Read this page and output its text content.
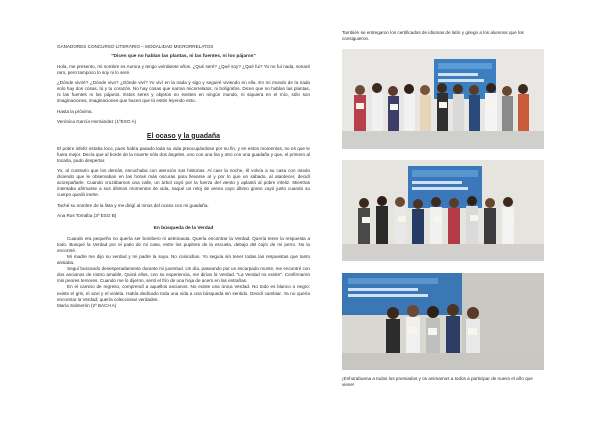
GANADORES CONCURSO LITERARIO – MODALIDAD MICRORRELATOS

"Dicen que no hablan las plantas, ni las fuentes, ni los pájaros"

Hola, me presento, mi nombre es Aurora y tengo veintisiete años. ¿Qué seré? ¿Qué soy? ¿Qué fui? Yo no fui nada, sonaré raro, pero tampoco lo soy ni lo seré.

¿Dónde viviré? ¿Dónde vivo? ¿Dónde viví? Yo viví en la nada y sigo y seguiré viviendo en ella. En mi mundo de la nada solo hay dos cosas, tú y tu corazón. No hay cosas que narran micorrelatos, ni bolígrafos. Dicen que no hablan las plantas, ni las fuentes ni los pájaros. Estos seres y objetos no existen en ningún mundo, ni siquiera en el mío, sólo son imaginaciones, imaginaciones que hacen que tú estés leyendo esto.

Hasta la próxima.

Verónica García Hernández (1ºESO A)

El ocaso y la guadaña

El pobre infeliz estaba loco, pues había pasado toda su vida preocupándose por su fin, y en estos momentos, no es que le fuera mejor. Decía que al borde de la muerte sólo dos ángeles, uno con una lira y otro con una guadaña y que, el primero al tocarla, pudo despertar.

Yo, al contrario que los demás, escuchaba con atención sus historias. Al caer la noche, él volvía a su casa con miedo diciendo que le observaban en las horas más oscuras para llevarse al y por lo que un sábado, al atardecer, decidí acompañarle. Cuando cruzábamos una calle, un árbol cayó por la fuerza del viento y aplastó al pobre infeliz. Mientras intentaba afirmarse a sus últimos momentos de vida, saqué un reloj de arena cayo último grano cayó justo cuando su cuerpo quedó inerte.

Taché su nombre de la lista y me dirigí al ninos del ocaso con mi guadaña.

Ana Ros Torralba (3º ESO B)

En búsqueda de la Verdad

Cuando era pequeño no quería ser bombero ni astronauta. Quería encontrar la Verdad. Quería tener la respuesta a todo. Busqué la Verdad por el patio de mi casa, entre los pupitres de la escuela, debajo del cojín de mi perro. No la encontré.

Mi madre me dijo su verdad y mi padre la suya. No coincidían. Yo seguía sin tener todas las respuestas que tanto ansiaba.

Seguí buscando desesperadamente durante mi juventud. Un día, paseando por un escarpado monte, me encontré con dos ancianos de rostro amable. Quizá ellos, con su experiencia, me dirían la Verdad. "La Verdad no existe". Confirmaron mis peores temores. Cuando me lo dijeron, sentí el frío de una hoja de acero en las entrañas.

En el camino de regreso, comprendí a aquellos ancianos. No existe una única Verdad. No todo es blanco o negro: existe el gris, el azul y el violeta. Había dedicado toda una vida a una búsqueda sin sentido. Decidí cambiar. Ya no quería encontrar la Verdad; quería coleccionar verdades.

María Salmerón (2º BACH A)

También se entregaron los certificados de idiomas de latín y griego a los alumnos que los consiguieron.

¡Enhorabuena a todos los premiados y os animamos a todos a participar de nuevo el año que viene!
